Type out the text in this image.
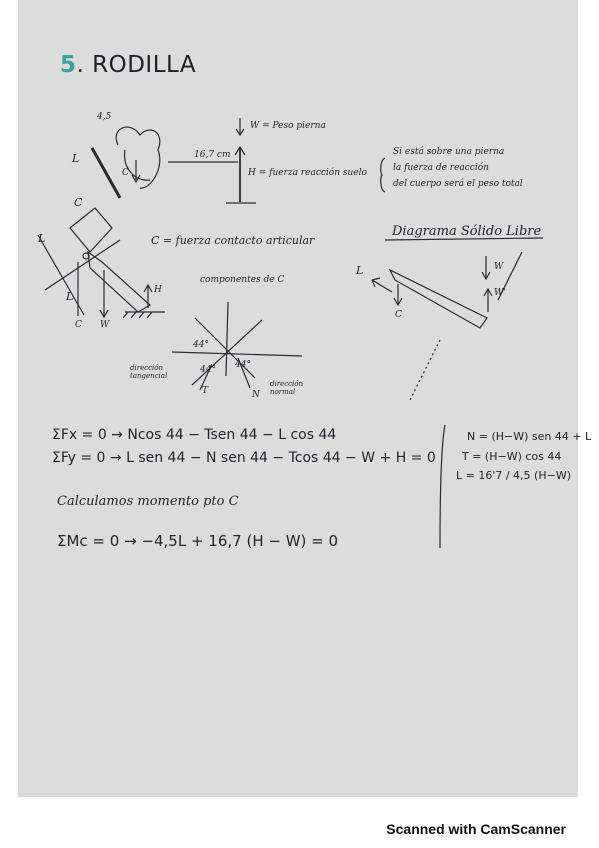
5. RODILLA
4,5
L
C
16,7 cm
W = Peso pierna
H = fuerza reacción suelo
Si está sobre una pierna
la fuerza de reacción
del cuerpo será el peso total
C
L
L
C W
H
C = fuerza contacto articular
componentes de C
44°
44° 44°
T	N
dirección tangencial
dirección normal
Diagrama Sólido Libre
L	W
W'
C
ΣFx = 0 → Ncos 44 − Tsen 44 − L cos 44
ΣFy = 0 → L sen 44 − N sen 44 − Tcos 44 − W + H = 0
Calculamos momento pto C
ΣMc = 0 → −4,5L + 16,7 (H − W) = 0
N = (H−W) sen 44 + L
T = (H−W) cos 44
L = 16'7 / 4,5 (H−W)
Scanned with CamScanner
